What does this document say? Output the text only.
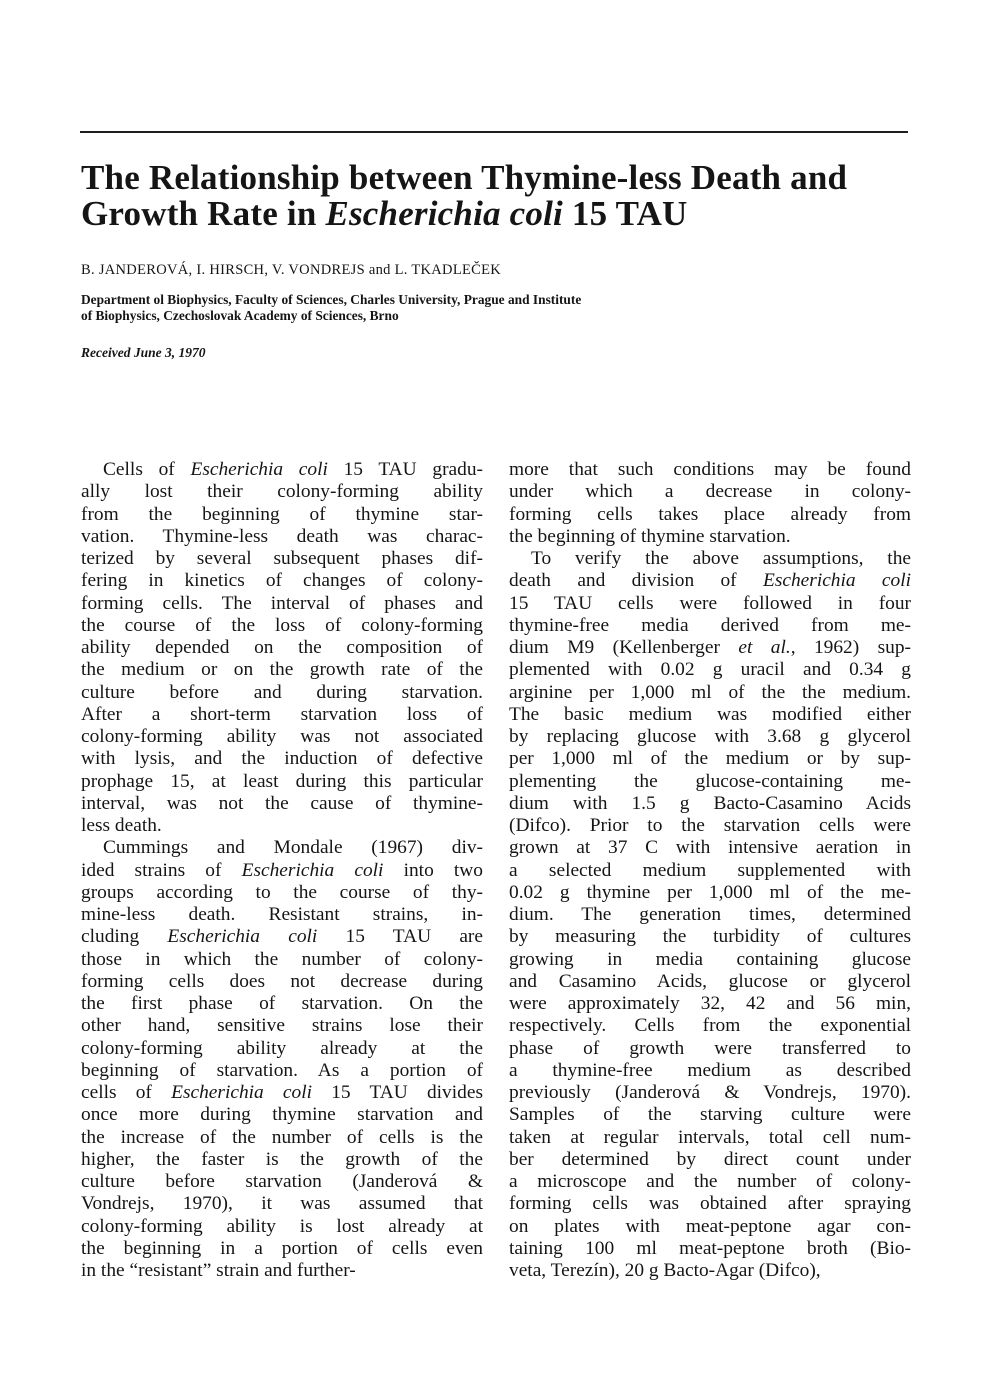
The Relationship between Thymine-less Death and
Growth Rate in Escherichia coli 15 TAU
B. JANDEROVÁ, I. HIRSCH, V. VONDREJS and L. TKADLEČEK
Department ol Biophysics, Faculty of Sciences, Charles University, Prague and Institute
of Biophysics, Czechoslovak Academy of Sciences, Brno
Received June 3, 1970
Cells of Escherichia coli 15 TAU gradu-
ally lost their colony-forming ability
from the beginning of thymine star-
vation. Thymine-less death was charac-
terized by several subsequent phases dif-
fering in kinetics of changes of colony-
forming cells. The interval of phases and
the course of the loss of colony-forming
ability depended on the composition of
the medium or on the growth rate of the
culture before and during starvation.
After a short-term starvation loss of
colony-forming ability was not associated
with lysis, and the induction of defective
prophage 15, at least during this particular
interval, was not the cause of thymine-
less death.
Cummings and Mondale (1967) div-
ided strains of Escherichia coli into two
groups according to the course of thy-
mine-less death. Resistant strains, in-
cluding Escherichia coli 15 TAU are
those in which the number of colony-
forming cells does not decrease during
the first phase of starvation. On the
other hand, sensitive strains lose their
colony-forming ability already at the
beginning of starvation. As a portion of
cells of Escherichia coli 15 TAU divides
once more during thymine starvation and
the increase of the number of cells is the
higher, the faster is the growth of the
culture before starvation (Janderová &
Vondrejs, 1970), it was assumed that
colony-forming ability is lost already at
the beginning in a portion of cells even
in the “resistant” strain and further-
more that such conditions may be found
under which a decrease in colony-
forming cells takes place already from
the beginning of thymine starvation.
To verify the above assumptions, the
death and division of Escherichia coli
15 TAU cells were followed in four
thymine-free media derived from me-
dium M9 (Kellenberger et al., 1962) sup-
plemented with 0.02 g uracil and 0.34 g
arginine per 1,000 ml of the the medium.
The basic medium was modified either
by replacing glucose with 3.68 g glycerol
per 1,000 ml of the medium or by sup-
plementing the glucose-containing me-
dium with 1.5 g Bacto-Casamino Acids
(Difco). Prior to the starvation cells were
grown at 37 C with intensive aeration in
a selected medium supplemented with
0.02 g thymine per 1,000 ml of the me-
dium. The generation times, determined
by measuring the turbidity of cultures
growing in media containing glucose
and Casamino Acids, glucose or glycerol
were approximately 32, 42 and 56 min,
respectively. Cells from the exponential
phase of growth were transferred to
a thymine-free medium as described
previously (Janderová & Vondrejs, 1970).
Samples of the starving culture were
taken at regular intervals, total cell num-
ber determined by direct count under
a microscope and the number of colony-
forming cells was obtained after spraying
on plates with meat-peptone agar con-
taining 100 ml meat-peptone broth (Bio-
veta, Terezín), 20 g Bacto-Agar (Difco),
